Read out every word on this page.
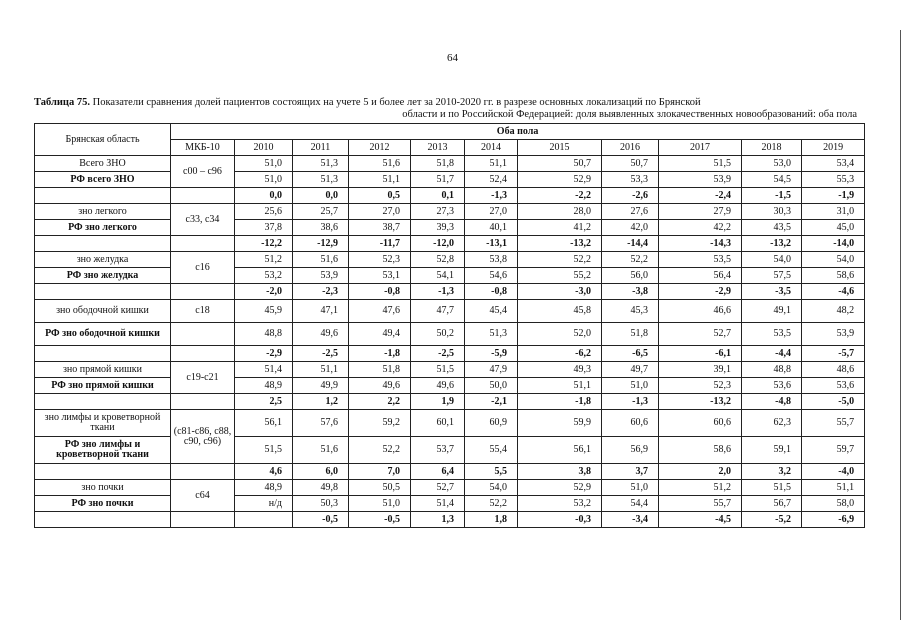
64
Таблица 75. Показатели сравнения долей пациентов состоящих на учете 5 и более лет за 2010-2020 гг. в разрезе основных локализаций по Брянской
области и по Российской Федерацией: доля выявленных злокачественных новообразований: оба пола
Брянская область	Оба пола										
	МКБ-10	2010	2011	2012	2013	2014	2015	2016	2017	2018	2019
Всего ЗНО	с00 – с96	51,0	51,3	51,6	51,8	51,1	50,7	50,7	51,5	53,0	53,4
РФ всего ЗНО		51,0	51,3	51,1	51,7	52,4	52,9	53,3	53,9	54,5	55,3
		0,0	0,0	0,5	0,1	-1,3	-2,2	-2,6	-2,4	-1,5	-1,9
зно легкого	с33, с34	25,6	25,7	27,0	27,3	27,0	28,0	27,6	27,9	30,3	31,0
РФ зно легкого		37,8	38,6	38,7	39,3	40,1	41,2	42,0	42,2	43,5	45,0
		-12,2	-12,9	-11,7	-12,0	-13,1	-13,2	-14,4	-14,3	-13,2	-14,0
зно желудка	с16	51,2	51,6	52,3	52,8	53,8	52,2	52,2	53,5	54,0	54,0
РФ зно желудка		53,2	53,9	53,1	54,1	54,6	55,2	56,0	56,4	57,5	58,6
		-2,0	-2,3	-0,8	-1,3	-0,8	-3,0	-3,8	-2,9	-3,5	-4,6
зно ободочной кишки	с18	45,9	47,1	47,6	47,7	45,4	45,8	45,3	46,6	49,1	48,2
РФ зно ободочной кишки		48,8	49,6	49,4	50,2	51,3	52,0	51,8	52,7	53,5	53,9
		-2,9	-2,5	-1,8	-2,5	-5,9	-6,2	-6,5	-6,1	-4,4	-5,7
зно прямой кишки	с19-с21	51,4	51,1	51,8	51,5	47,9	49,3	49,7	39,1	48,8	48,6
РФ зно прямой кишки		48,9	49,9	49,6	49,6	50,0	51,1	51,0	52,3	53,6	53,6
		2,5	1,2	2,2	1,9	-2,1	-1,8	-1,3	-13,2	-4,8	-5,0
зно лимфы и кроветворной ткани	(с81-с86, с88, с90, с96)	56,1	57,6	59,2	60,1	60,9	59,9	60,6	60,6	62,3	55,7
РФ зно лимфы и кроветворной ткани		51,5	51,6	52,2	53,7	55,4	56,1	56,9	58,6	59,1	59,7
		4,6	6,0	7,0	6,4	5,5	3,8	3,7	2,0	3,2	-4,0
зно почки	с64	48,9	49,8	50,5	52,7	54,0	52,9	51,0	51,2	51,5	51,1
РФ зно почки		н/д	50,3	51,0	51,4	52,2	53,2	54,4	55,7	56,7	58,0
			-0,5	-0,5	1,3	1,8	-0,3	-3,4	-4,5	-5,2	-6,9
